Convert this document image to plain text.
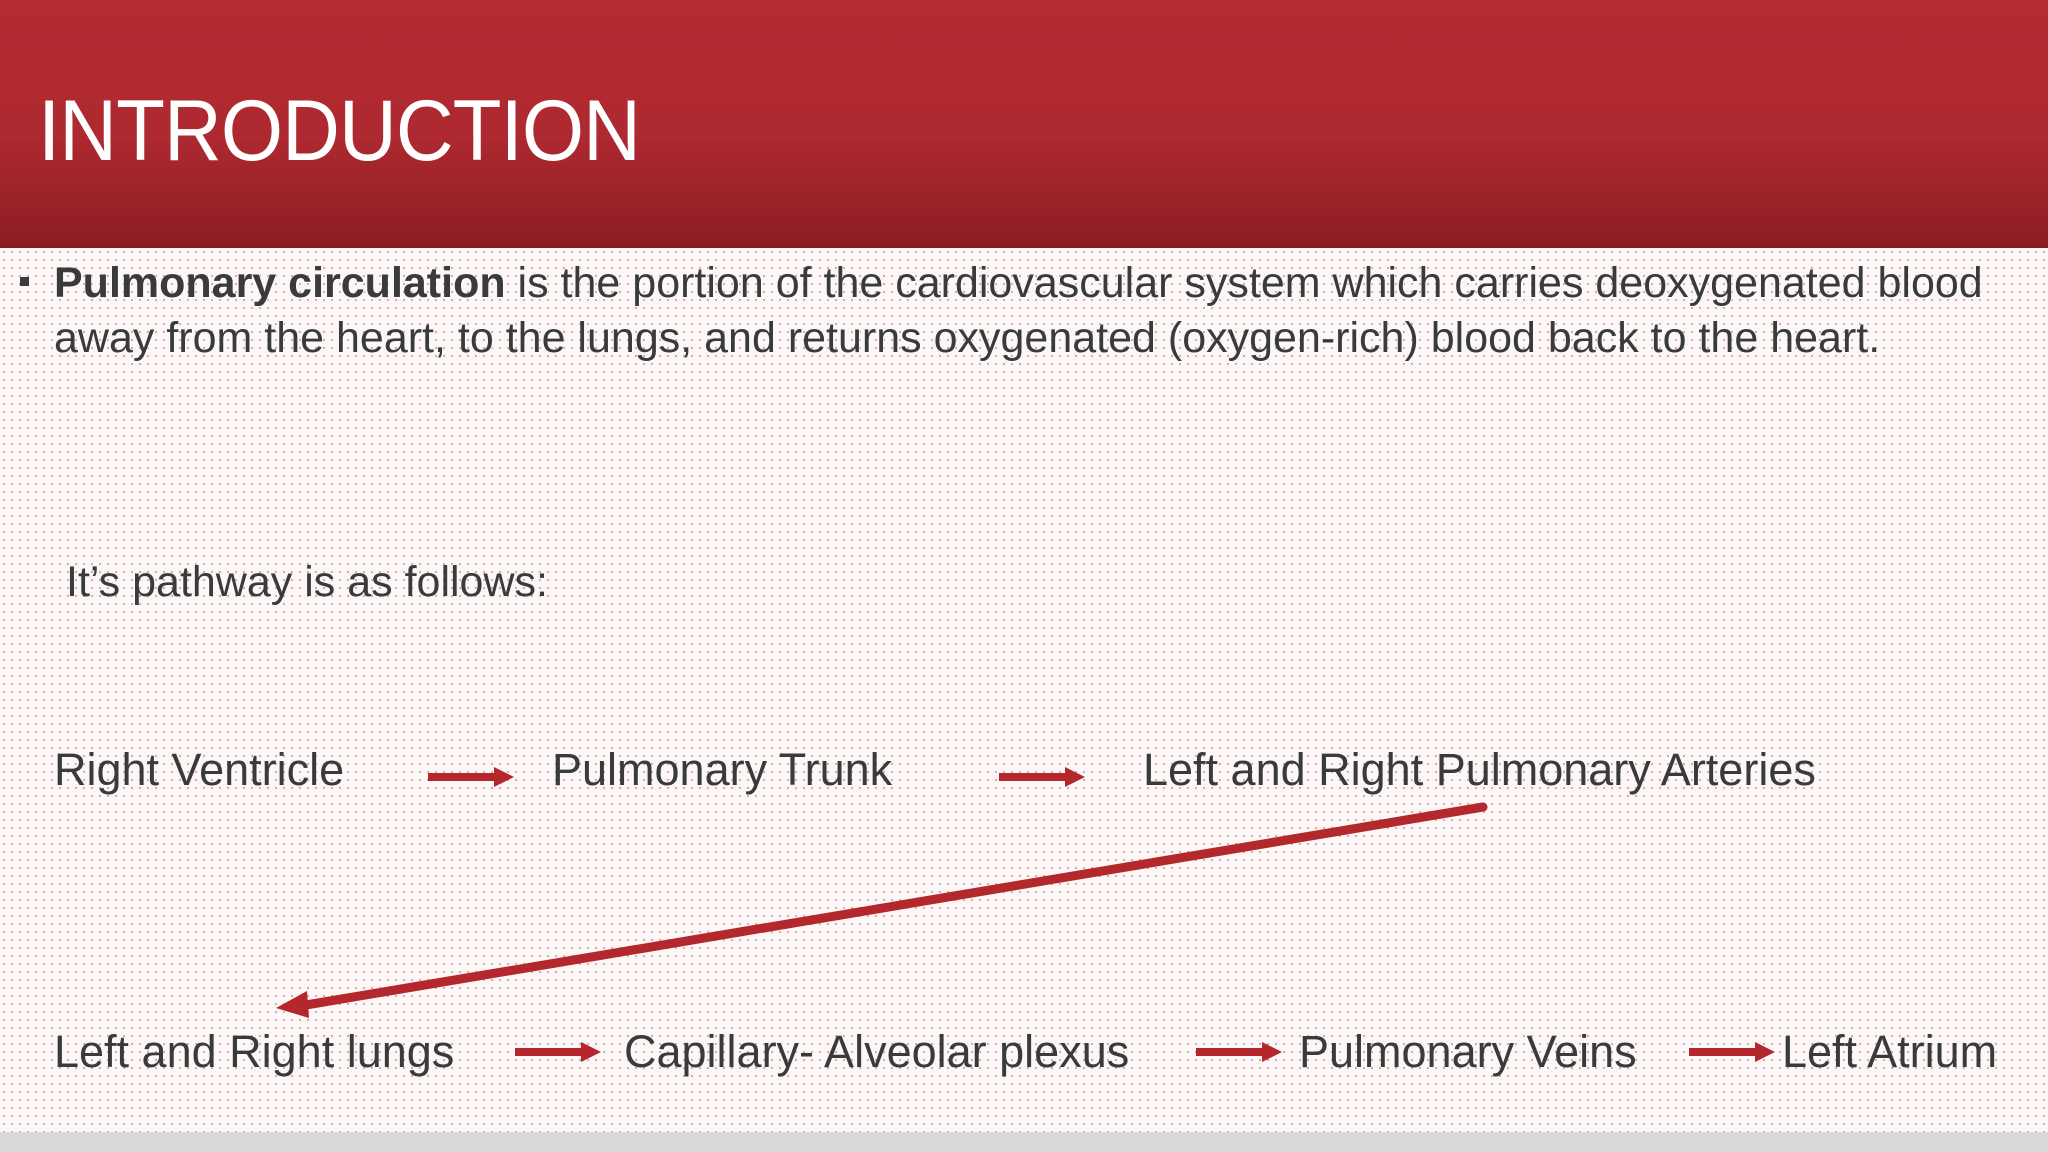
INTRODUCTION

Pulmonary circulation is the portion of the cardiovascular system which carries deoxygenated blood away from the heart, to the lungs, and returns oxygenated (oxygen-rich) blood back to the heart.

It’s pathway is as follows:

Right Ventricle	Pulmonary Trunk	Left and Right Pulmonary Arteries
Left and Right lungs	Capillary- Alveolar plexus	Pulmonary Veins	Left Atrium
